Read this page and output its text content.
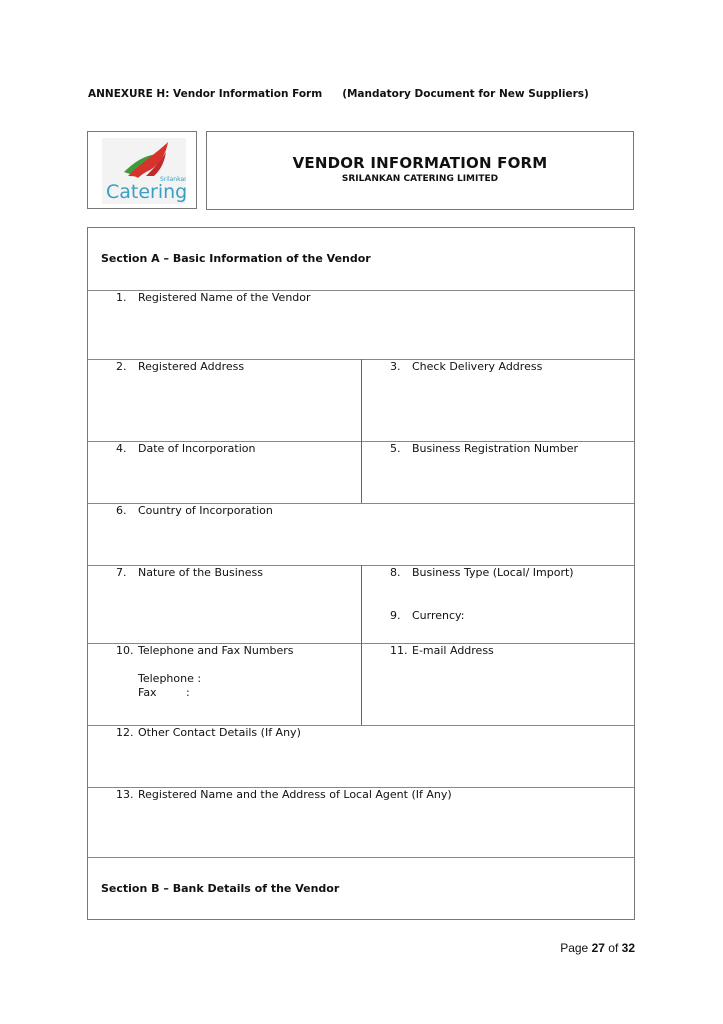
ANNEXURE H: Vendor Information Form (Mandatory Document for New Suppliers)
Srilankan
Catering
VENDOR INFORMATION FORM
SRILANKAN CATERING LIMITED
Section A – Basic Information of the Vendor
1. Registered Name of the Vendor
2. Registered Address	3. Check Delivery Address
4. Date of Incorporation	5. Business Registration Number
6. Country of Incorporation
7. Nature of the Business	8. Business Type (Local/ Import)
9. Currency:
10. Telephone and Fax Numbers
Telephone :
Fax	:
11. E-mail Address
12. Other Contact Details (If Any)
13. Registered Name and the Address of Local Agent (If Any)
Section B – Bank Details of the Vendor
Page 27 of 32
